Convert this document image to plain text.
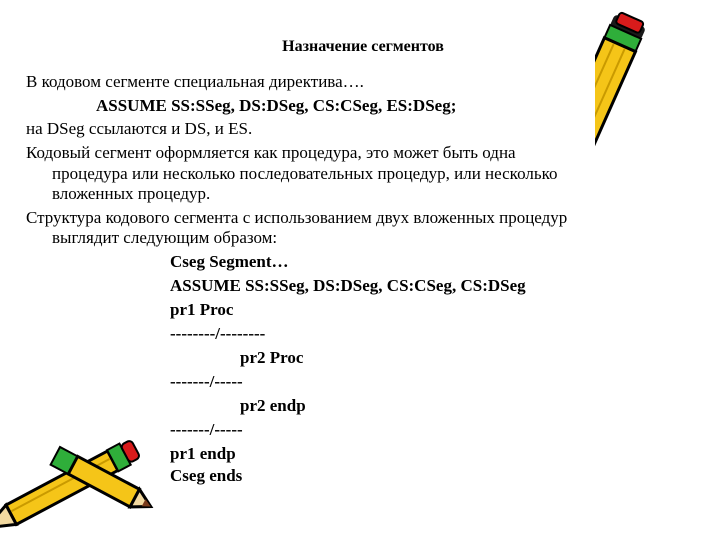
Назначение сегментов
В кодовом сегменте специальная директива….
ASSUME SS:SSeg, DS:DSeg, CS:CSeg, ES:DSeg;
на DSeg ссылаются и DS, и ES.
Кодовый сегмент оформляется как процедура, это может быть одна
процедура или несколько последовательных процедур, или несколько
вложенных процедур.
Структура кодового сегмента с использованием двух вложенных процедур
выглядит следующим образом:
Cseg Segment…
ASSUME SS:SSeg, DS:DSeg, CS:CSeg, CS:DSeg
pr1 Proc
--------/--------
pr2 Proc
-------/-----
pr2 endp
-------/-----
pr1 endp
Cseg ends
